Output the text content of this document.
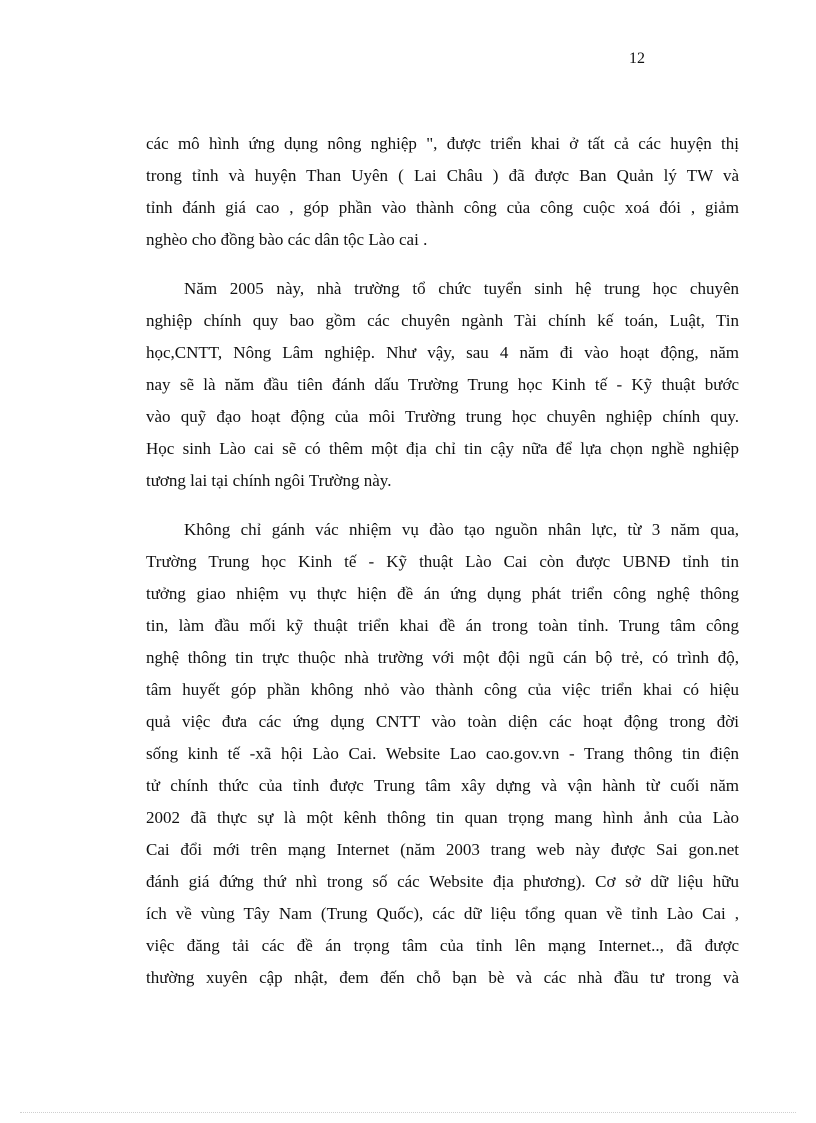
12
các mô hình ứng dụng nông nghiệp ", được triển khai ở tất cả các huyện thị
trong tỉnh và huyện Than Uyên ( Lai Châu ) đã được Ban Quản lý TW và
tỉnh đánh giá cao , góp phần vào thành công của công cuộc xoá đói , giảm
nghèo cho đồng bào các dân tộc Lào cai .
Năm 2005 này, nhà trường tổ chức tuyển sinh hệ trung học chuyên
nghiệp chính quy bao gồm các chuyên ngành Tài chính kế toán, Luật, Tin
học,CNTT, Nông Lâm nghiệp. Như vậy, sau 4 năm đi vào hoạt động, năm
nay sẽ là năm đầu tiên đánh dấu Trường Trung học Kinh tế - Kỹ thuật bước
vào quỹ đạo hoạt động của môi Trường trung học chuyên nghiệp chính quy.
Học sinh Lào cai sẽ có thêm một địa chỉ tin cậy nữa để lựa chọn nghề nghiệp
tương lai tại chính ngôi Trường này.
Không chỉ gánh vác nhiệm vụ đào tạo nguồn nhân lực, từ 3 năm qua,
Trường Trung học Kinh tế - Kỹ thuật Lào Cai còn được UBNĐ tỉnh tin
tưởng giao nhiệm vụ thực hiện đề án ứng dụng phát triển công nghệ thông
tin, làm đầu mối kỹ thuật triển khai đề án trong toàn tỉnh. Trung tâm công
nghệ thông tin trực thuộc nhà trường với một đội ngũ cán bộ trẻ, có trình độ,
tâm huyết góp phần không nhỏ vào thành công của việc triển khai có hiệu
quả việc đưa các ứng dụng CNTT vào toàn diện các hoạt động trong đời
sống kinh tế -xã hội Lào Cai. Website Lao cao.gov.vn - Trang thông tin điện
tử chính thức của tỉnh được Trung tâm xây dựng và vận hành từ cuối năm
2002 đã thực sự là một kênh thông tin quan trọng mang hình ảnh của Lào
Cai đổi mới trên mạng Internet (năm 2003 trang web này được Sai gon.net
đánh giá đứng thứ nhì trong số các Website địa phương). Cơ sở dữ liệu hữu
ích về vùng Tây Nam (Trung Quốc), các dữ liệu tổng quan về tỉnh Lào Cai ,
việc đăng tải các đề án trọng tâm của tỉnh lên mạng Internet.., đã được
thường xuyên cập nhật, đem đến chỗ bạn bè và các nhà đầu tư trong và
